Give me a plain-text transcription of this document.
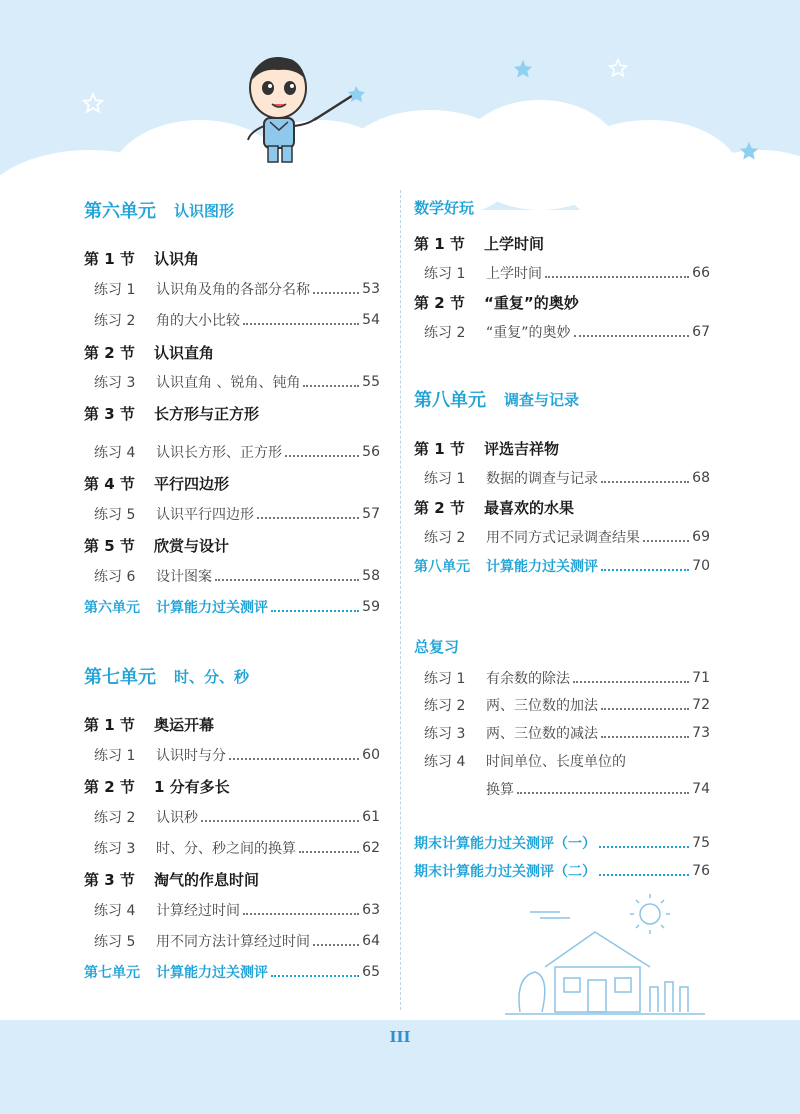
第六单元 认识图形
第 1 节	认识角
练习 1	认识角及角的各部分名称	53
练习 2	角的大小比较	54
第 2 节	认识直角
练习 3	认识直角 、锐角、钝角	55
第 3 节	长方形与正方形
练习 4	认识长方形、正方形	56
第 4 节	平行四边形
练习 5	认识平行四边形	57
第 5 节	欣赏与设计
练习 6	设计图案	58
第六单元 计算能力过关测评	59
第七单元 时、分、秒
第 1 节	奥运开幕
练习 1	认识时与分	60
第 2 节	1 分有多长
练习 2	认识秒	61
练习 3	时、分、秒之间的换算	62
第 3 节	淘气的作息时间
练习 4	计算经过时间	63
练习 5	用不同方法计算经过时间	64
第七单元 计算能力过关测评	65
数学好玩
第 1 节	上学时间
练习 1	上学时间	66
第 2 节	“重复”的奥妙
练习 2	“重复”的奥妙	67
第八单元 调查与记录
第 1 节	评选吉祥物
练习 1	数据的调查与记录	68
第 2 节	最喜欢的水果
练习 2	用不同方式记录调查结果	69
第八单元 计算能力过关测评	70
总复习
练习 1	有余数的除法	71
练习 2	两、三位数的加法	72
练习 3	两、三位数的减法	73
练习 4	时间单位、长度单位的
换算	74
期末计算能力过关测评（一）	75
期末计算能力过关测评（二）	76
III
